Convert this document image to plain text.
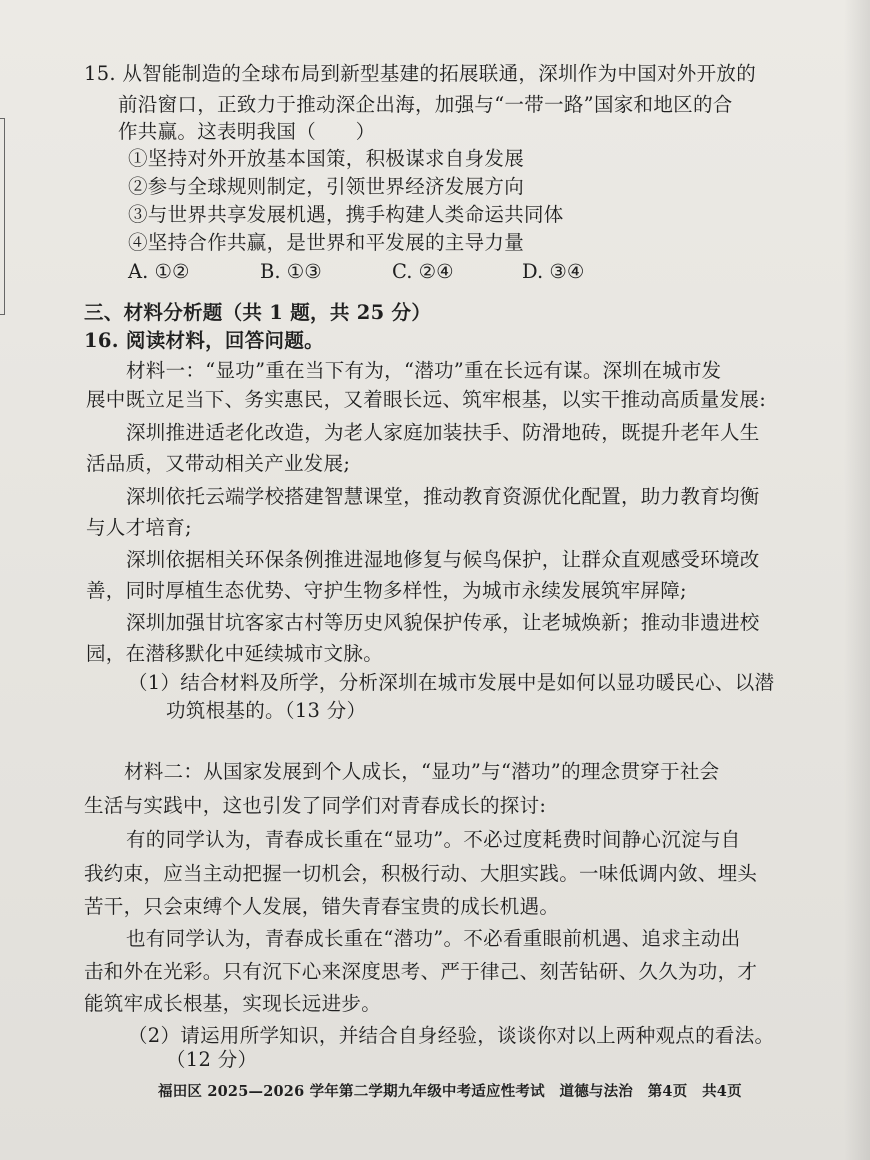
15. 从智能制造的全球布局到新型基建的拓展联通，深圳作为中国对外开放的
前沿窗口，正致力于推动深企出海，加强与“一带一路”国家和地区的合
作共赢。这表明我国（　　）
①坚持对外开放基本国策，积极谋求自身发展
②参与全球规则制定，引领世界经济发展方向
③与世界共享发展机遇，携手构建人类命运共同体
④坚持合作共赢，是世界和平发展的主导力量
A. ①②	B. ①③	C. ②④	D. ③④
三、材料分析题（共 1 题，共 25 分）
16. 阅读材料，回答问题。
材料一：“显功”重在当下有为，“潜功”重在长远有谋。深圳在城市发
展中既立足当下、务实惠民，又着眼长远、筑牢根基，以实干推动高质量发展:
深圳推进适老化改造，为老人家庭加装扶手、防滑地砖，既提升老年人生
活品质，又带动相关产业发展;
深圳依托云端学校搭建智慧课堂，推动教育资源优化配置，助力教育均衡
与人才培育;
深圳依据相关环保条例推进湿地修复与候鸟保护，让群众直观感受环境改
善，同时厚植生态优势、守护生物多样性，为城市永续发展筑牢屏障;
深圳加强甘坑客家古村等历史风貌保护传承，让老城焕新；推动非遗进校
园，在潜移默化中延续城市文脉。
（1）结合材料及所学，分析深圳在城市发展中是如何以显功暖民心、以潜
功筑根基的。（13 分）
材料二：从国家发展到个人成长，“显功”与“潜功”的理念贯穿于社会
生活与实践中，这也引发了同学们对青春成长的探讨:
有的同学认为，青春成长重在“显功”。不必过度耗费时间静心沉淀与自
我约束，应当主动把握一切机会，积极行动、大胆实践。一味低调内敛、埋头
苦干，只会束缚个人发展，错失青春宝贵的成长机遇。
也有同学认为，青春成长重在“潜功”。不必看重眼前机遇、追求主动出
击和外在光彩。只有沉下心来深度思考、严于律己、刻苦钻研、久久为功，才
能筑牢成长根基，实现长远进步。
（2）请运用所学知识，并结合自身经验，谈谈你对以上两种观点的看法。
（12 分）
福田区 2025—2026 学年第二学期九年级中考适应性考试　道德与法治　第4页　共4页
